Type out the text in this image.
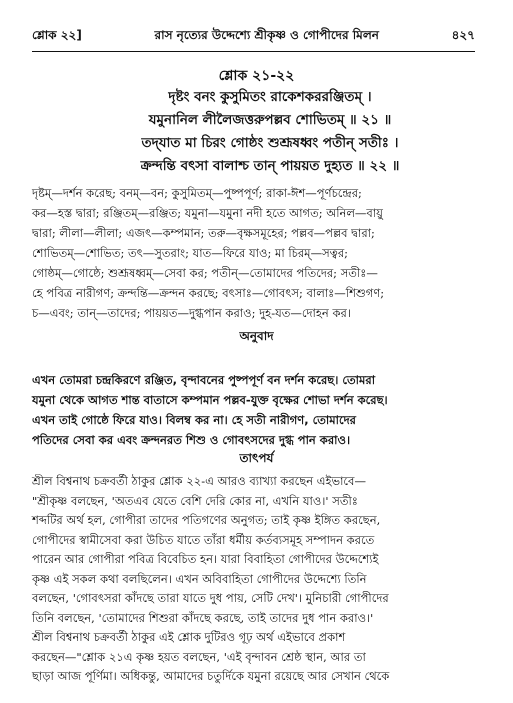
শ্লোক ২২]	রাস নৃত্যের উদ্দেশ্যে শ্রীকৃষ্ণ ও গোপীদের মিলন	৪২৭
শ্লোক ২১-২২
দৃষ্টং বনং কুসুমিতং রাকেশকররঞ্জিতম্ ।
যমুনানিল লীলৈজত্তরুপল্লব শোভিতম্ ॥ ২১ ॥
তদ্‌যাত মা চিরং গোষ্ঠং শুশ্রূষধ্বং পতীন্ সতীঃ ।
ক্রন্দন্তি বৎসা বালাশ্চ তান্ পায়য়ত দুহ্যত ॥ ২২ ॥
দৃষ্টম্—দর্শন করেছ; বনম্—বন; কুসুমিতম্—পুষ্পপূর্ণ; রাকা-ঈশ—পূর্ণচন্দ্রের;
কর—হস্ত দ্বারা; রঞ্জিতম্—রঞ্জিত; যমুনা—যমুনা নদী হতে আগত; অনিল—বায়ু
দ্বারা; লীলা—লীলা; এজৎ—কম্পমান; তরু—বৃক্ষসমূহের; পল্লব—পল্লব দ্বারা;
শোভিতম্—শোভিত; তৎ—সুতরাং; যাত—ফিরে যাও; মা চিরম্—সত্বর;
গোষ্ঠম্—গোষ্ঠে; শুশ্রূষধ্বম্—সেবা কর; পতীন্—তোমাদের পতিদের; সতীঃ—
হে পবিত্র নারীগণ; ক্রন্দন্তি—ক্রন্দন করছে; বৎসাঃ—গোবৎস; বালাঃ—শিশুগণ;
চ—এবং; তান্—তাদের; পায়য়ত—দুগ্ধপান করাও; দুহ-যত—দোহন কর।
অনুবাদ
এখন তোমরা চন্দ্রকিরণে রঞ্জিত, বৃন্দাবনের পুষ্পপূর্ণ বন দর্শন করেছ। তোমরা
যমুনা থেকে আগত শান্ত বাতাসে কম্পমান পল্লব-যুক্ত বৃক্ষের শোভা দর্শন করেছ।
এখন তাই গোষ্ঠে ফিরে যাও। বিলম্ব কর না। হে সতী নারীগণ, তোমাদের
পতিদের সেবা কর এবং ক্রন্দনরত শিশু ও গোবৎসদের দুগ্ধ পান করাও।
তাৎপর্য
শ্রীল বিশ্বনাথ চক্রবর্তী ঠাকুর শ্লোক ২২-এ আরও ব্যাখ্যা করছেন এইভাবে—
"শ্রীকৃষ্ণ বলছেন, 'অতএব যেতে বেশি দেরি কোর না, এখনি যাও।' সতীঃ
শব্দটির অর্থ হল, গোপীরা তাদের পতিগণের অনুগত; তাই কৃষ্ণ ইঙ্গিত করছেন,
গোপীদের স্বামীসেবা করা উচিত যাতে তাঁরা ধর্মীয় কর্তব্যসমূহ সম্পাদন করতে
পারেন আর গোপীরা পবিত্র বিবেচিত হন। যারা বিবাহিতা গোপীদের উদ্দেশ্যেই
কৃষ্ণ এই সকল কথা বলছিলেন। এখন অবিবাহিতা গোপীদের উদ্দেশ্যে তিনি
বলছেন, 'গোবৎসরা কাঁদছে তারা যাতে দুধ পায়, সেটি দেখ'। মুনিচারী গোপীদের
তিনি বলছেন, 'তোমাদের শিশুরা কাঁদছে করছে, তাই তাদের দুধ পান করাও।'
শ্রীল বিশ্বনাথ চক্রবর্তী ঠাকুর এই শ্লোক দুটিরও গূঢ় অর্থ এইভাবে প্রকাশ
করছেন—"শ্লোক ২১এ কৃষ্ণ হয়ত বলছেন, 'এই বৃন্দাবন শ্রেষ্ঠ স্থান, আর তা
ছাড়া আজ পূর্ণিমা। অধিকন্তু, আমাদের চতুর্দিকে যমুনা রয়েছে আর সেখান থেকে
